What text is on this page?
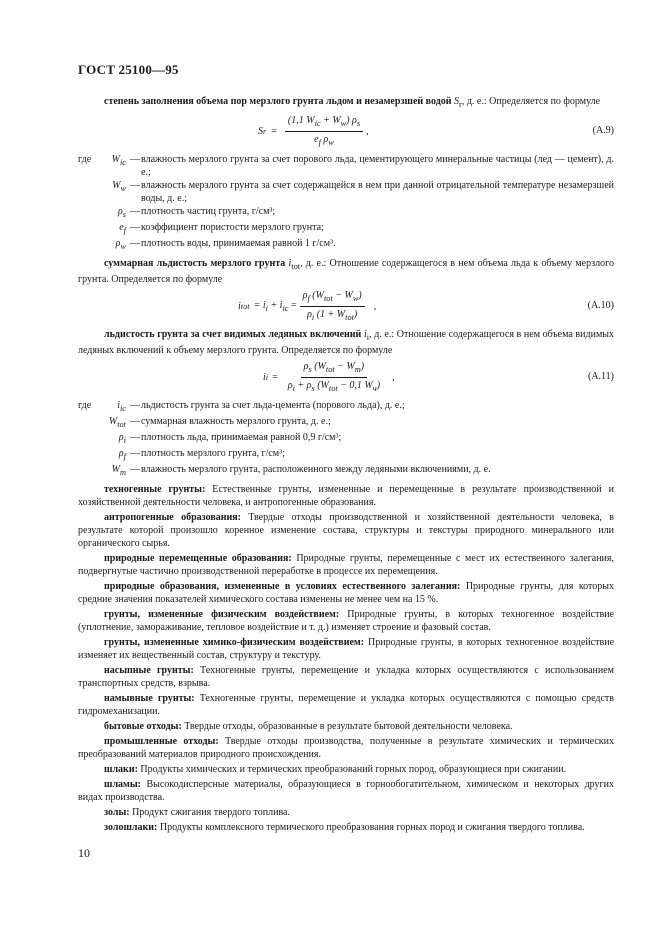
ГОСТ 25100—95

степень заполнения объема пор мерзлого грунта льдом и незамерзшей водой $S_r$, д. е.: Определяется по формуле

S $r = \frac{(1,1 W_{ic} + W_w) \rho_s}{e_f \rho_w}$ ,	(А.9)
где	$W_{ic}$ — влажность мерзлого грунта за счет порового льда, цементирующего минеральные частицы (лед — цемент), д. е.;
$W_w$ — влажность мерзлого грунта за счет содержащейся в нем при данной отрицательной температуре незамерзшей воды, д. е.;
$\rho_s$ — плотность частиц грунта, г/см³;
$e_f$ — коэффициент пористости мерзлого грунта;
$\rho_w$ — плотность воды, принимаемая равной 1 г/см³.

суммарная льдистость мерзлого грунта $i_{tot}$, д. е.: Отношение содержащегося в нем объема льда к объему мерзлого грунта. Определяется по формуле

i tot = $i_i + i_{ic} = \frac{\rho_f (W_{tot} - W_w)}{\rho_i (1 + W_{tot})}$ ,	(А.10)

льдистость грунта за счет видимых ледяных включений $i_i$, д. е.: Отношение содержащегося в нем объема видимых ледяных включений к объему мерзлого грунта. Определяется по формуле

i $i = \frac{\rho_s (W_{tot} - W_m)}{\rho_i + \rho_s (W_{tot} - 0,1 W_ч)}$ ,	(А.11)
где	$i_{ic}$ — льдистость грунта за счет льда-цемента (порового льда), д. е.;
$W_{tot}$ — суммарная влажность мерзлого грунта, д. е.;
$\rho_i$ — плотность льда, принимаемая равной 0,9 г/см³;
$\rho_f$ — плотность мерзлого грунта, г/см³;
$W_m$ — влажность мерзлого грунта, расположенного между ледяными включениями, д. е.

техногенные грунты: Естественные грунты, измененные и перемещенные в результате производственной и хозяйственной деятельности человека, и антропогенные образования.

антропогенные образования: Твердые отходы производственной и хозяйственной деятельности человека, в результате которой произошло коренное изменение состава, структуры и текстуры природного минерального или органического сырья.

природные перемещенные образования: Природные грунты, перемещенные с мест их естественного залегания, подвергнутые частично производственной переработке в процессе их перемещения.

природные образования, измененные в условиях естественного залегания: Природные грунты, для которых средние значения показателей химического состава изменены не менее чем на 15 %.

грунты, измененные физическим воздействием: Природные грунты, в которых техногенное воздействие (уплотнение, замораживание, тепловое воздействие и т. д.) изменяет строение и фазовый состав.

грунты, измененные химико-физическим воздействием: Природные грунты, в которых техногенное воздействие изменяет их вещественный состав, структуру и текстуру.

насыпные грунты: Техногенные грунты, перемещение и укладка которых осуществляются с использованием транспортных средств, взрыва.

намывные грунты: Техногенные грунты, перемещение и укладка которых осуществляются с помощью средств гидромеханизации.

бытовые отходы: Твердые отходы, образованные в результате бытовой деятельности человека.

промышленные отходы: Твердые отходы производства, полученные в результате химических и термических преобразований материалов природного происхождения.

шлаки: Продукты химических и термических преобразований горных пород, образующиеся при сжигании.

шламы: Высокодисперсные материалы, образующиеся в горнообогатительном, химическом и некоторых других видах производства.

золы: Продукт сжигания твердого топлива.

золошлаки: Продукты комплексного термического преобразования горных пород и сжигания твердого топлива.

10
